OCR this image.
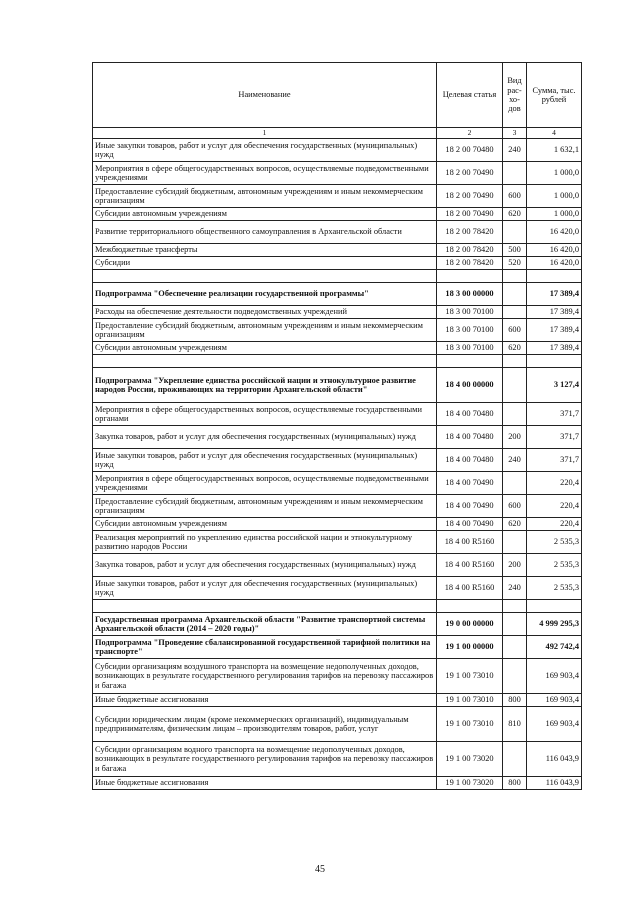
Наименование	Целевая статья	Вид рас-хо-дов	Сумма, тыс. рублей
1	2	3	4
Иные закупки товаров, работ и услуг для обеспечения государственных (муниципальных) нужд	18 2 00 70480	240	1 632,1
Мероприятия в сфере общегосударственных вопросов, осуществляемые подведомственными учреждениями	18 2 00 70490		1 000,0
Предоставление субсидий бюджетным, автономным учреждениям и иным некоммерческим организациям	18 2 00 70490	600	1 000,0
Субсидии автономным учреждениям	18 2 00 70490	620	1 000,0
Развитие территориального общественного самоуправления в Архангельской области	18 2 00 78420		16 420,0
Межбюджетные трансферты	18 2 00 78420	500	16 420,0
Субсидии	18 2 00 78420	520	16 420,0

Подпрограмма "Обеспечение реализации государственной программы"	18 3 00 00000		17 389,4
Расходы на обеспечение деятельности подведомственных учреждений	18 3 00 70100		17 389,4
Предоставление субсидий бюджетным, автономным учреждениям и иным некоммерческим организациям	18 3 00 70100	600	17 389,4
Субсидии автономным учреждениям	18 3 00 70100	620	17 389,4

Подпрограмма "Укрепление единства российской нации и этнокультурное развитие народов России, проживающих на территории Архангельской области"	18 4 00 00000		3 127,4
Мероприятия в сфере общегосударственных вопросов, осуществляемые государственными органами	18 4 00 70480		371,7
Закупка товаров, работ и услуг для обеспечения государственных (муниципальных) нужд	18 4 00 70480	200	371,7
Иные закупки товаров, работ и услуг для обеспечения государственных (муниципальных) нужд	18 4 00 70480	240	371,7
Мероприятия в сфере общегосударственных вопросов, осуществляемые подведомственными учреждениями	18 4 00 70490		220,4
Предоставление субсидий бюджетным, автономным учреждениям и иным некоммерческим организациям	18 4 00 70490	600	220,4
Субсидии автономным учреждениям	18 4 00 70490	620	220,4
Реализация мероприятий по укреплению единства российской нации и этнокультурному развитию народов России	18 4 00 R5160		2 535,3
Закупка товаров, работ и услуг для обеспечения государственных (муниципальных) нужд	18 4 00 R5160	200	2 535,3
Иные закупки товаров, работ и услуг для обеспечения государственных (муниципальных) нужд	18 4 00 R5160	240	2 535,3

Государственная программа Архангельской области "Развитие транспортной системы Архангельской области (2014 – 2020 годы)"	19 0 00 00000		4 999 295,3
Подпрограмма "Проведение сбалансированной государственной тарифной политики на транспорте"	19 1 00 00000		492 742,4
Субсидии организациям воздушного транспорта на возмещение недополученных доходов, возникающих в результате государственного регулирования тарифов на перевозку пассажиров и багажа	19 1 00 73010		169 903,4
Иные бюджетные ассигнования	19 1 00 73010	800	169 903,4
Субсидии юридическим лицам (кроме некоммерческих организаций), индивидуальным предпринимателям, физическим лицам – производителям товаров, работ, услуг	19 1 00 73010	810	169 903,4
Субсидии организациям водного транспорта на возмещение недополученных доходов, возникающих в результате государственного регулирования тарифов на перевозку пассажиров и багажа	19 1 00 73020		116 043,9
Иные бюджетные ассигнования	19 1 00 73020	800	116 043,9
45
